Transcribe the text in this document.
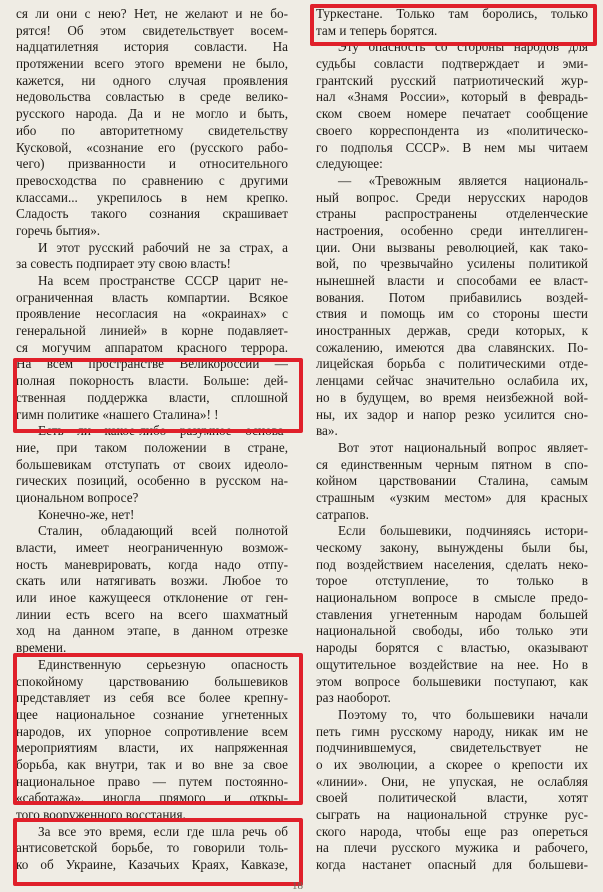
ся ли они с нею? Нет, не желают и не бо-
рятся! Об этом свидетельствует восем-
надцатилетняя история совласти. На
протяжении всего этого времени не было,
кажется, ни одного случая проявления
недовольства совластью в среде велико-
русского народа. Да и не могло и быть,
ибо по авторитетному свидетельству
Кусковой, «сознание его (русского рабо-
чего) призванности и относительного
превосходства по сравнению с другими
классами... укрепилось в нем крепко.
Сладость такого сознания скрашивает
горечь бытия».
И этот русский рабочий не за страх, а
за совесть подпирает эту свою власть!
На всем пространстве СССР царит не-
ограниченная власть компартии. Всякое
проявление несогласия на «окраинах» с
генеральной линией» в корне подавляет-
ся могучим аппаратом красного террора.
На всем пространстве Великороссии —
полная покорность власти. Больше: дей-
ственная поддержка власти, сплошной
гимн политике «нашего Сталина»! !
Есть ли какое-либо разумное основа-
ние, при таком положении в стране,
большевикам отступать от своих идеоло-
гических позиций, особенно в русском на-
циональном вопросе?
Конечно-же, нет!
Сталин, обладающий всей полнотой
власти, имеет неограниченную возмож-
ность маневрировать, когда надо отпу-
скать или натягивать возжи. Любое то
или иное кажущееся отклонение от ген-
линии есть всего на всего шахматный
ход на данном этапе, в данном отрезке
времени.
Единственную серьезную опасность
спокойному царствованию большевиков
представляет из себя все более крепну-
щее национальное сознание угнетенных
народов, их упорное сопротивление всем
мероприятиям власти, их напряженная
борьба, как внутри, так и во вне за свое
национальное право — путем постоянно-
«саботажа», иногда прямого и откры-
того вооруженного восстания.
За все это время, если где шла речь об
антисоветской борьбе, то говорили толь-
ко об Украине, Казачьих Краях, Кавказе,
Туркестане. Только там боролись, только
там и теперь борятся.
Эту опасность со стороны народов для
судьбы совласти подтверждает и эми-
грантский русский патриотический жур-
нал «Знамя России», который в феврадь-
ском своем номере печатает сообщение
своего корреспондента из «политическо-
го подполья СССР». В нем мы читаем
следующее:
— «Тревожным является националь-
ный вопрос. Среди нерусских народов
страны распространены отделенческие
настроения, особенно среди интеллиген-
ции. Они вызваны революцией, как тако-
вой, по чрезвычайно усилены политикой
нынешней власти и способами ее власт-
вования. Потом прибавились воздей-
ствия и помощь им со стороны шести
иностранных держав, среди которых, к
сожалению, имеются два славянских. По-
лицейская борьба с политическими отде-
ленцами сейчас значительно ослабила их,
но в будущем, во время неизбежной вой-
ны, их задор и напор резко усилится сно-
ва».
Вот этот национальный вопрос являет-
ся единственным черным пятном в спо-
койном царствовании Сталина, самым
страшным «узким местом» для красных
сатрапов.
Если большевики, подчиняясь истори-
ческому закону, вынуждены были бы,
под воздействием населения, сделать неко-
торое отступление, то только в
национальном вопросе в смысле предо-
ставления угнетенным народам большей
национальной свободы, ибо только эти
народы борятся с властью, оказывают
ощутительное воздействие на нее. Но в
этом вопросе большевики поступают, как
раз наоборот.
Поэтому то, что большевики начали
петь гимн русскому народу, никак им не
подчинившемуся, свидетельствует не
о их эволюции, а скорее о крепости их
«линии». Они, не упуская, не ослабляя
своей политической власти, хотят
сыграть на национальной струнке рус-
ского народа, чтобы еще раз опереться
на плечи русского мужика и рабочего,
когда настанет опасный для большеви-
18
